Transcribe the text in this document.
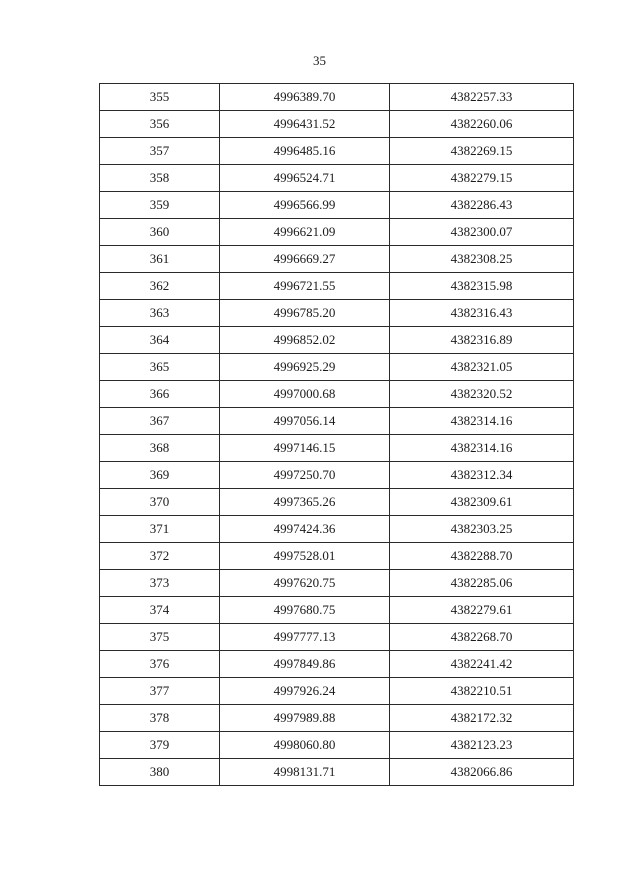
35
355	4996389.70	4382257.33
356	4996431.52	4382260.06
357	4996485.16	4382269.15
358	4996524.71	4382279.15
359	4996566.99	4382286.43
360	4996621.09	4382300.07
361	4996669.27	4382308.25
362	4996721.55	4382315.98
363	4996785.20	4382316.43
364	4996852.02	4382316.89
365	4996925.29	4382321.05
366	4997000.68	4382320.52
367	4997056.14	4382314.16
368	4997146.15	4382314.16
369	4997250.70	4382312.34
370	4997365.26	4382309.61
371	4997424.36	4382303.25
372	4997528.01	4382288.70
373	4997620.75	4382285.06
374	4997680.75	4382279.61
375	4997777.13	4382268.70
376	4997849.86	4382241.42
377	4997926.24	4382210.51
378	4997989.88	4382172.32
379	4998060.80	4382123.23
380	4998131.71	4382066.86
